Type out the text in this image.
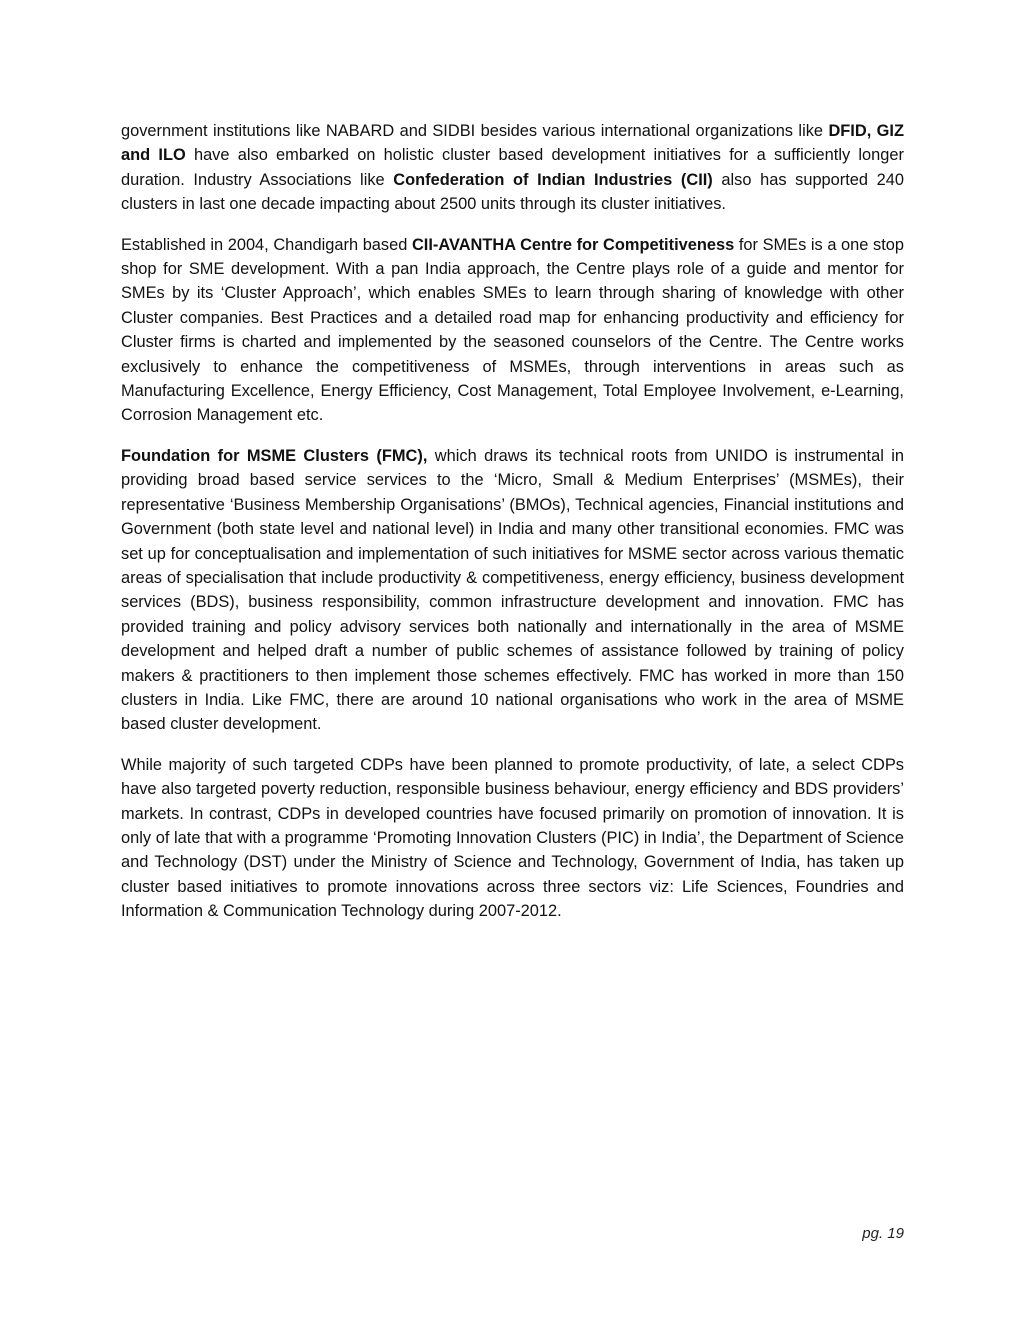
government institutions like NABARD and SIDBI besides various international organizations like DFID, GIZ and ILO have also embarked on holistic cluster based development initiatives for a sufficiently longer duration. Industry Associations like Confederation of Indian Industries (CII) also has supported 240 clusters in last one decade impacting about 2500 units through its cluster initiatives.

Established in 2004, Chandigarh based CII-AVANTHA Centre for Competitiveness for SMEs is a one stop shop for SME development. With a pan India approach, the Centre plays role of a guide and mentor for SMEs by its ‘Cluster Approach’, which enables SMEs to learn through sharing of knowledge with other Cluster companies. Best Practices and a detailed road map for enhancing productivity and efficiency for Cluster firms is charted and implemented by the seasoned counselors of the Centre. The Centre works exclusively to enhance the competitiveness of MSMEs, through interventions in areas such as Manufacturing Excellence, Energy Efficiency, Cost Management, Total Employee Involvement, e-Learning, Corrosion Management etc.

Foundation for MSME Clusters (FMC), which draws its technical roots from UNIDO is instrumental in providing broad based service services to the ‘Micro, Small & Medium Enterprises’ (MSMEs), their representative ‘Business Membership Organisations’ (BMOs), Technical agencies, Financial institutions and Government (both state level and national level) in India and many other transitional economies. FMC was set up for conceptualisation and implementation of such initiatives for MSME sector across various thematic areas of specialisation that include productivity & competitiveness, energy efficiency, business development services (BDS), business responsibility, common infrastructure development and innovation. FMC has provided training and policy advisory services both nationally and internationally in the area of MSME development and helped draft a number of public schemes of assistance followed by training of policy makers & practitioners to then implement those schemes effectively. FMC has worked in more than 150 clusters in India. Like FMC, there are around 10 national organisations who work in the area of MSME based cluster development.

While majority of such targeted CDPs have been planned to promote productivity, of late, a select CDPs have also targeted poverty reduction, responsible business behaviour, energy efficiency and BDS providers’ markets. In contrast, CDPs in developed countries have focused primarily on promotion of innovation. It is only of late that with a programme ‘Promoting Innovation Clusters (PIC) in India’, the Department of Science and Technology (DST) under the Ministry of Science and Technology, Government of India, has taken up cluster based initiatives to promote innovations across three sectors viz: Life Sciences, Foundries and Information & Communication Technology during 2007-2012.

pg. 19
